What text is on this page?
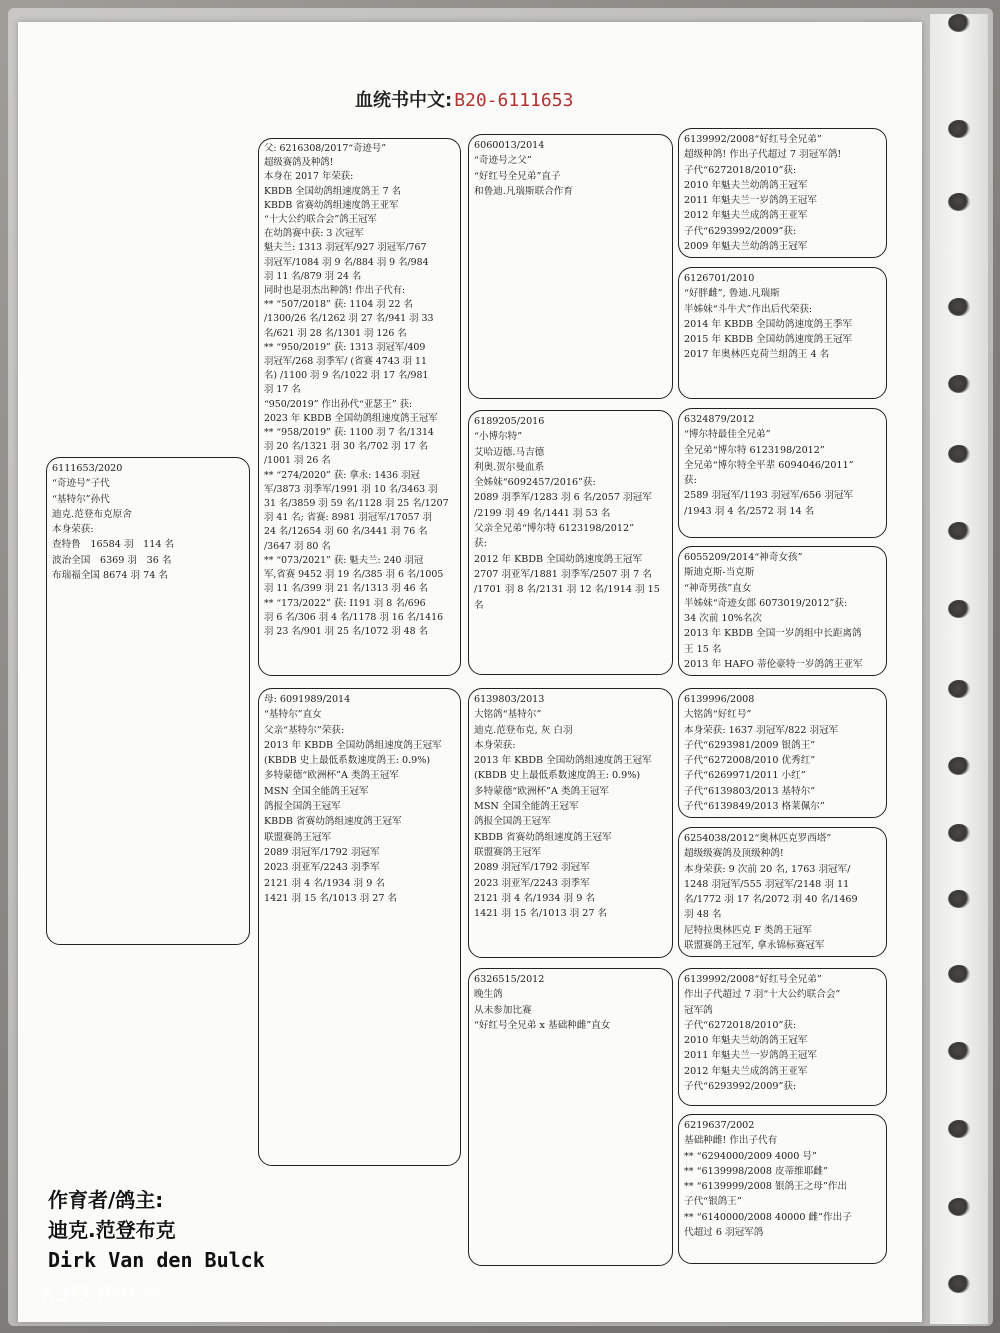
血统书中文: B20-6111653
6111653/2020
“奇迹号”子代
“基特尔”孙代
迪克.范登布克原舍
本身荣获:
查特鲁　16584 羽　114 名
波治全国　6369 羽　36 名
布瑞福全国 8674 羽 74 名
父: 6216308/2017“奇迹号”
超级赛鸽及种鸽!
本身在 2017 年荣获:
KBDB 全国幼鸽组速度鸽王 7 名
KBDB 省赛幼鸽组速度鸽王亚军
“十大公约联合会”鸽王冠军
在幼鸽赛中获: 3 次冠军
魁夫兰: 1313 羽冠军/927 羽冠军/767
羽冠军/1084 羽 9 名/884 羽 9 名/984
羽 11 名/879 羽 24 名
同时也是羽杰出种鸽! 作出子代有:
** “507/2018” 获: 1104 羽 22 名
/1300/26 名/1262 羽 27 名/941 羽 33
名/621 羽 28 名/1301 羽 126 名
** “950/2019” 获: 1313 羽冠军/409
羽冠军/268 羽季军/ (省赛 4743 羽 11
名) /1100 羽 9 名/1022 羽 17 名/981
羽 17 名
“950/2019” 作出孙代“亚瑟王” 获:
2023 年 KBDB 全国幼鸽组速度鸽王冠军
** “958/2019” 获: 1100 羽 7 名/1314
羽 20 名/1321 羽 30 名/702 羽 17 名
/1001 羽 26 名
** “274/2020” 获: 拿永: 1436 羽冠
军/3873 羽季军/1991 羽 10 名/3463 羽
31 名/3859 羽 59 名/1128 羽 25 名/1207
羽 41 名; 省赛: 8981 羽冠军/17057 羽
24 名/12654 羽 60 名/3441 羽 76 名
/3647 羽 80 名
** “073/2021” 获: 魁夫兰: 240 羽冠
军,省赛 9452 羽 19 名/385 羽 6 名/1005
羽 11 名/399 羽 21 名/1313 羽 46 名
** “173/2022” 获: I191 羽 8 名/696
羽 6 名/306 羽 4 名/1178 羽 16 名/1416
羽 23 名/901 羽 25 名/1072 羽 48 名
母: 6091989/2014
“基特尔”直女
父亲“基特尔”荣获:
2013 年 KBDB 全国幼鸽组速度鸽王冠军
(KBDB 史上最低系数速度鸽王: 0.9%)
多特蒙德“欧洲杯”A 类鸽王冠军
MSN 全国全能鸽王冠军
鸽报全国鸽王冠军
KBDB 省赛幼鸽组速度鸽王冠军
联盟赛鸽王冠军
2089 羽冠军/1792 羽冠军
2023 羽亚军/2243 羽季军
2121 羽 4 名/1934 羽 9 名
1421 羽 15 名/1013 羽 27 名
6060013/2014
“奇迹号之父”
“好红号全兄弟”直子
和鲁迪.凡瑞斯联合作育
6189205/2016
“小博尔特”
艾哈迈德.马吉德
利奥.贺尔曼血系
全姊妹“6092457/2016”获:
2089 羽季军/1283 羽 6 名/2057 羽冠军
/2199 羽 49 名/1441 羽 53 名
父亲全兄弟“博尔特 6123198/2012”
获:
2012 年 KBDB 全国幼鸽速度鸽王冠军
2707 羽亚军/1881 羽季军/2507 羽 7 名
/1701 羽 8 名/2131 羽 12 名/1914 羽 15
名
6139803/2013
大铭鸽“基特尔”
迪克.范登布克, 灰 白羽
本身荣获:
2013 年 KBDB 全国幼鸽组速度鸽王冠军
(KBDB 史上最低系数速度鸽王: 0.9%)
多特蒙德“欧洲杯”A 类鸽王冠军
MSN 全国全能鸽王冠军
鸽报全国鸽王冠军
KBDB 省赛幼鸽组速度鸽王冠军
联盟赛鸽王冠军
2089 羽冠军/1792 羽冠军
2023 羽亚军/2243 羽季军
2121 羽 4 名/1934 羽 9 名
1421 羽 15 名/1013 羽 27 名
6326515/2012
晚生鸽
从未参加比赛
“好红号全兄弟 x 基础种雌”直女
6139992/2008“好红号全兄弟”
超级种鸽! 作出子代超过 7 羽冠军鸽!
子代“6272018/2010”获:
2010 年魁夫兰幼鸽鸽王冠军
2011 年魁夫兰一岁鸽鸽王冠军
2012 年魁夫兰成鸽鸽王亚军
子代“6293992/2009”获:
2009 年魁夫兰幼鸽鸽王冠军
6126701/2010
“好胖雌”, 鲁迪.凡瑞斯
半姊妹“斗牛犬”作出后代荣获:
2014 年 KBDB 全国幼鸽速度鸽王季军
2015 年 KBDB 全国幼鸽速度鸽王冠军
2017 年奥林匹克荷兰组鸽王 4 名
6324879/2012
“博尔特最佳全兄弟”
全兄弟“博尔特 6123198/2012”
全兄弟“博尔特全平辈 6094046/2011”
获:
2589 羽冠军/1193 羽冠军/656 羽冠军
/1943 羽 4 名/2572 羽 14 名
6055209/2014“神奇女孩”
斯迪克斯-当克斯
“神奇男孩”直女
半姊妹“奇迹女郎 6073019/2012”获:
34 次前 10%名次
2013 年 KBDB 全国一岁鸽组中长距离鸽
王 15 名
2013 年 HAFO 蒂伦豪特一岁鸽鸽王亚军
6139996/2008
大铭鸽“好红号”
本身荣获: 1637 羽冠军/822 羽冠军
子代“6293981/2009 银鸽王”
子代“6272008/2010 优秀红”
子代“6269971/2011 小红”
子代“6139803/2013 基特尔”
子代“6139849/2013 格莱佩尔”
6254038/2012“奥林匹克罗西塔”
超级级赛鸽及顶级种鸽!
本身荣获: 9 次前 20 名, 1763 羽冠军/
1248 羽冠军/555 羽冠军/2148 羽 11
名/1772 羽 17 名/2072 羽 40 名/1469
羽 48 名
尼特拉奥林匹克 F 类鸽王冠军
联盟赛鸽王冠军, 拿永锦标赛冠军
6139992/2008“好红号全兄弟”
作出子代超过 7 羽“十大公约联合会”
冠军鸽
子代“6272018/2010”获:
2010 年魁夫兰幼鸽鸽王冠军
2011 年魁夫兰一岁鸽鸽王冠军
2012 年魁夫兰成鸽鸽王亚军
子代“6293992/2009”获:
6219637/2002
基础种雌! 作出子代有
** “6294000/2009 4000 号”
** “6139998/2008 皮蒂维耶雌”
** “6139999/2008 银鸽王之母”作出
子代“银鸽王”
** “6140000/2008 40000 雌”作出子
代超过 6 羽冠军鸽
作育者/鸽主:
迪克.范登布克
Dirk Van den Bulck
X3O Pro 5G
